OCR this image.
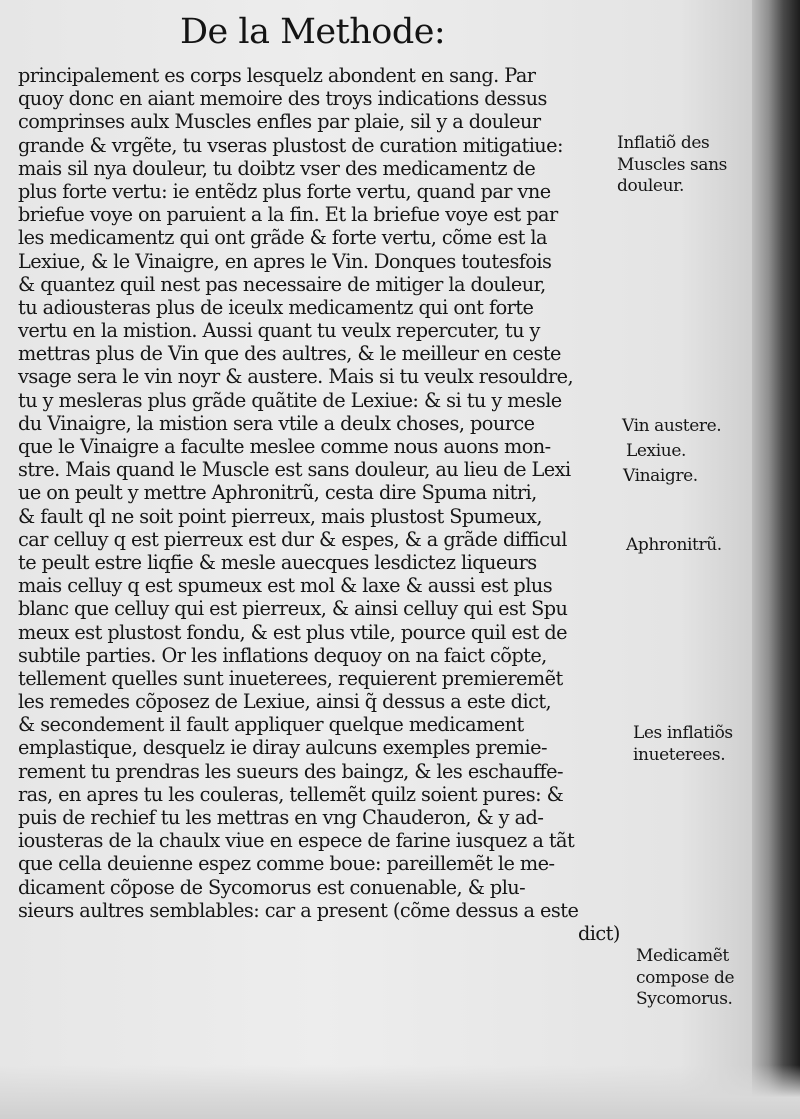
De la Methode:
principalement es corps lesquelz abondent en sang. Par
quoy donc en aiant memoire des troys indications dessus
comprinses aulx Muscles enfles par plaie, sil y a douleur
grande & vrgẽte, tu vseras plustost de curation mitigatiue:
mais sil nya douleur, tu doibtz vser des medicamentz de
plus forte vertu: ie entẽdz plus forte vertu, quand par vne
briefue voye on paruient a la fin. Et la briefue voye est par
les medicamentz qui ont grãde & forte vertu, cõme est la
Lexiue, & le Vinaigre, en apres le Vin. Donques toutesfois
& quantez quil nest pas necessaire de mitiger la douleur,
tu adiousteras plus de iceulx medicamentz qui ont forte
vertu en la mistion. Aussi quant tu veulx repercuter, tu y
mettras plus de Vin que des aultres, & le meilleur en ceste
vsage sera le vin noyr & austere. Mais si tu veulx resouldre,
tu y mesleras plus grãde quãtite de Lexiue: & si tu y mesle
du Vinaigre, la mistion sera vtile a deulx choses, pource
que le Vinaigre a faculte meslee comme nous auons mon-
stre. Mais quand le Muscle est sans douleur, au lieu de Lexi
ue on peult y mettre Aphronitrũ, cesta dire Spuma nitri,
& fault ql ne soit point pierreux, mais plustost Spumeux,
car celluy q est pierreux est dur & espes, & a grãde difficul
te peult estre liqfie & mesle auecques lesdictez liqueurs
mais celluy q est spumeux est mol & laxe & aussi est plus
blanc que celluy qui est pierreux, & ainsi celluy qui est Spu
meux est plustost fondu, & est plus vtile, pource quil est de
subtile parties. Or les inflations dequoy on na faict cõpte,
tellement quelles sunt inueterees, requierent premieremẽt
les remedes cõposez de Lexiue, ainsi q̃ dessus a este dict,
& secondement il fault appliquer quelque medicament
emplastique, desquelz ie diray aulcuns exemples premie-
rement tu prendras les sueurs des baingz, & les eschauffe-
ras, en apres tu les couleras, tellemẽt quilz soient pures: &
puis de rechief tu les mettras en vng Chauderon, & y ad-
iousteras de la chaulx viue en espece de farine iusquez a tãt
que cella deuienne espez comme boue: pareillemẽt le me-
dicament cõpose de Sycomorus est conuenable, & plu-
sieurs aultres semblables: car a present (cõme dessus a este
dict)
Inflatiõ des
Muscles sans
douleur.
Vin austere.
Lexiue.
Vinaigre.
Aphronitrũ.
Les inflatiõs
inueterees.
Medicamẽt
compose de
Sycomorus.
